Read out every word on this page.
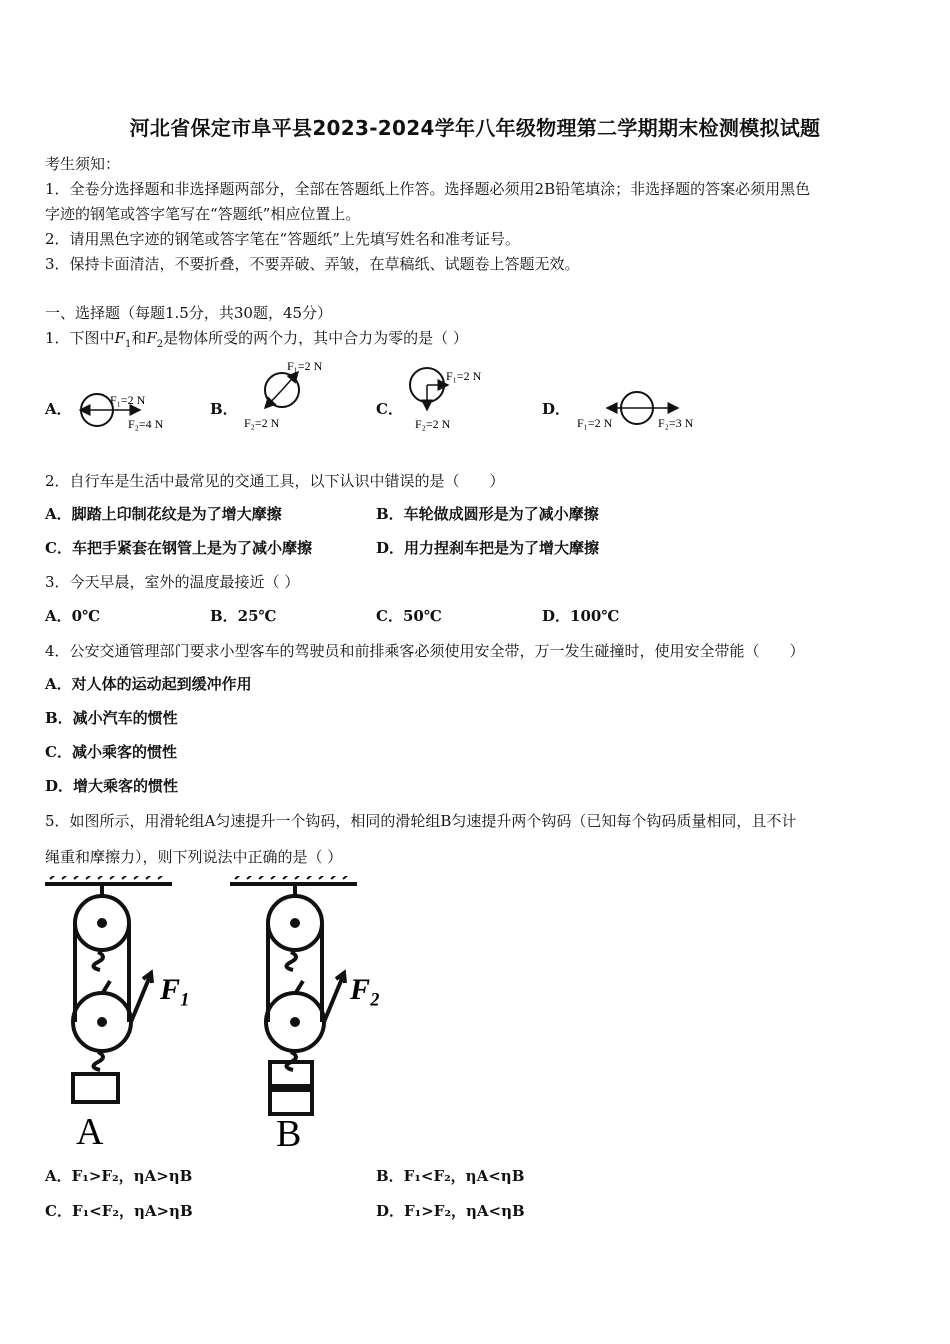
河北省保定市阜平县2023-2024学年八年级物理第二学期期末检测模拟试题
考生须知：
1．全卷分选择题和非选择题两部分，全部在答题纸上作答。选择题必须用2B铅笔填涂；非选择题的答案必须用黑色
字迹的钢笔或答字笔写在“答题纸”相应位置上。
2．请用黑色字迹的钢笔或答字笔在“答题纸”上先填写姓名和准考证号。
3．保持卡面清洁，不要折叠，不要弄破、弄皱，在草稿纸、试题卷上答题无效。
一、选择题（每题1.5分，共30题，45分）
1．下图中$F_1$和$F_2$是物体所受的两个力，其中合力为零的是（ ）
A．	B．	C．	D．
F₁=2 N
F₂=4 N
F₁=2 N
F₂=2 N
F₁=2 N
F₂=2 N	F₁=2 N	F₂=3 N
2．自行车是生活中最常见的交通工具，以下认识中错误的是（　　）
A．脚踏上印制花纹是为了增大摩擦	B．车轮做成圆形是为了减小摩擦
C．车把手紧套在钢管上是为了减小摩擦	D．用力捏刹车把是为了增大摩擦
3．今天早晨，室外的温度最接近（ ）
A．0℃	B．25℃	C．50℃	D．100℃
4．公安交通管理部门要求小型客车的驾驶员和前排乘客必须使用安全带，万一发生碰撞时，使用安全带能（　　）
A．对人体的运动起到缓冲作用
B．减小汽车的惯性
C．减小乘客的惯性
D．增大乘客的惯性
5．如图所示，用滑轮组A匀速提升一个钩码，相同的滑轮组B匀速提升两个钩码（已知每个钩码质量相同，且不计
绳重和摩擦力），则下列说法中正确的是（ ）
F₁
A
F₂
B
A．F₁>F₂，ηA>ηB	B．F₁<F₂，ηA<ηB
C．F₁<F₂，ηA>ηB	D．F₁>F₂，ηA<ηB
